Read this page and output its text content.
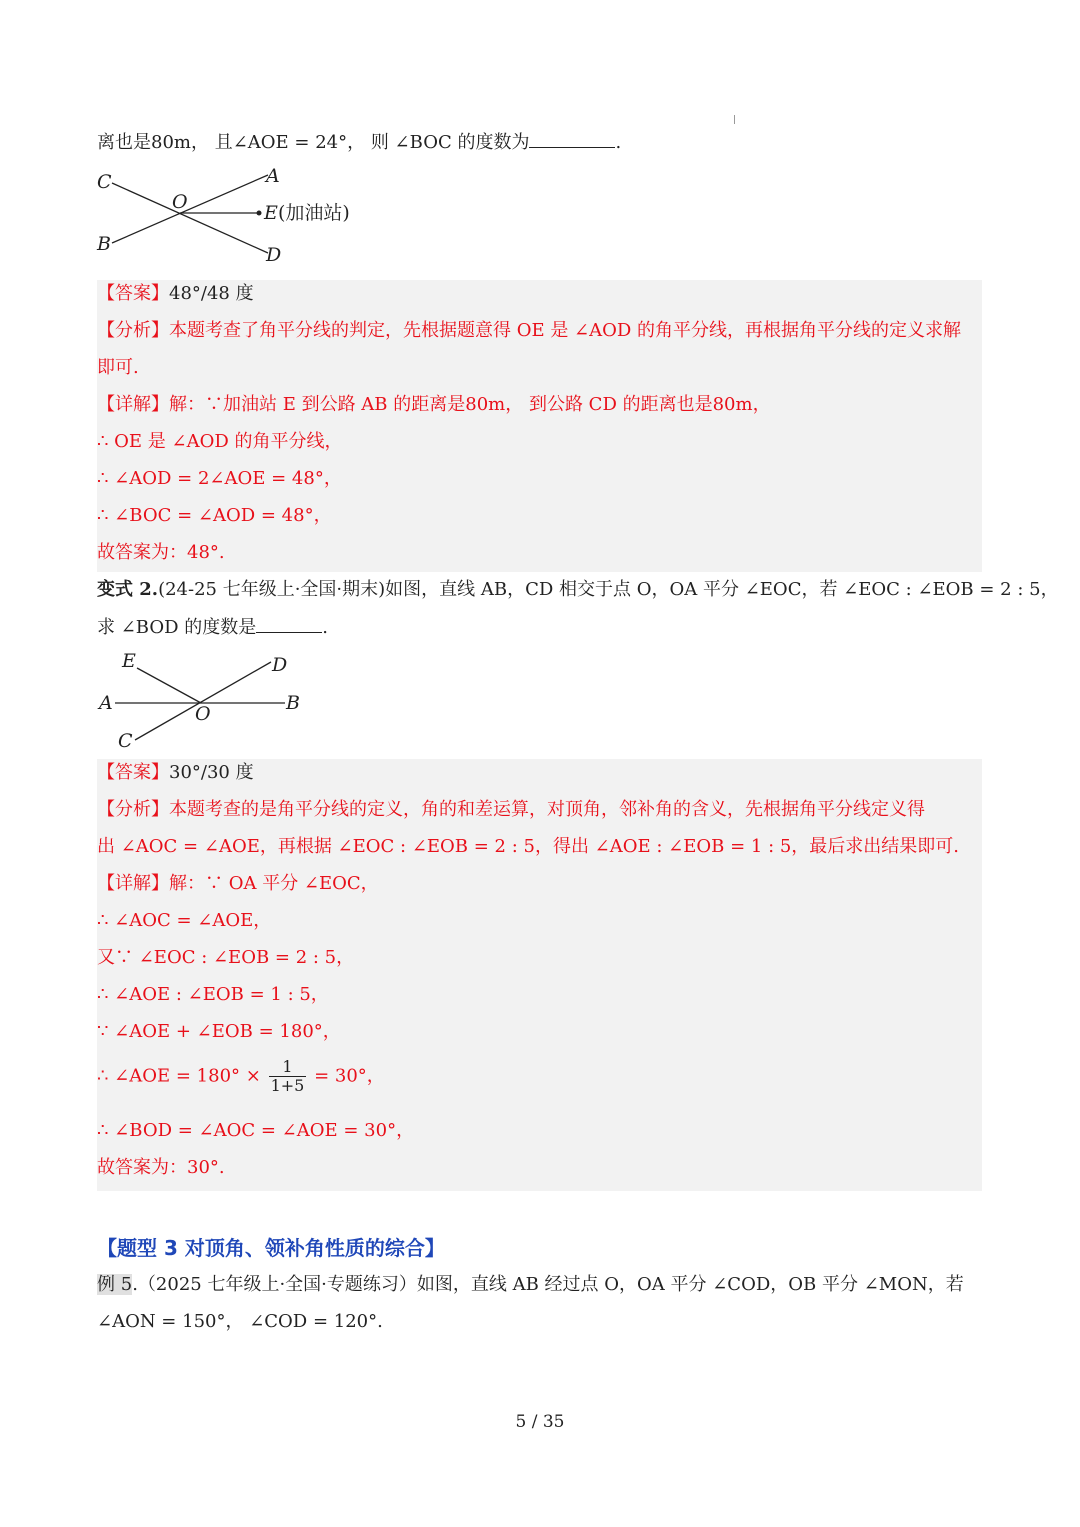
离也是80m， 且∠AOE = 24°， 则 ∠BOC 的度数为	.
C
O
A
E (加油站)
B	D
【答案】48°/48 度
【分析】本题考查了角平分线的判定，先根据题意得 OE 是 ∠AOD 的角平分线，再根据角平分线的定义求解
即可.
【详解】解：∵加油站 E 到公路 AB 的距离是80m， 到公路 CD 的距离也是80m，
∴ OE 是 ∠AOD 的角平分线，
∴ ∠AOD = 2∠AOE = 48°，
∴ ∠BOC = ∠AOD = 48°，
故答案为：48°.
变式 2.(24-25 七年级上·全国·期末)如图，直线 AB，CD 相交于点 O，OA 平分 ∠EOC，若 ∠EOC : ∠EOB = 2 : 5，
求 ∠BOD 的度数是	.
E	D
A	O	B
C
【答案】30°/30 度
【分析】本题考查的是角平分线的定义，角的和差运算，对顶角，邻补角的含义，先根据角平分线定义得
出 ∠AOC = ∠AOE，再根据 ∠EOC : ∠EOB = 2 : 5，得出 ∠AOE : ∠EOB = 1 : 5，最后求出结果即可.
【详解】解：∵ OA 平分 ∠EOC，
∴ ∠AOC = ∠AOE，
又∵ ∠EOC : ∠EOB = 2 : 5，
∴ ∠AOE : ∠EOB = 1 : 5，
∵ ∠AOE + ∠EOB = 180°，
∴ ∠AOE = $180^\circ \times \frac{1}{1+5} = 30^\circ$，
∴ ∠BOD = ∠AOC = ∠AOE = 30°，
故答案为：30°.
【题型 3 对顶角、领补角性质的综合】
例 5.（2025 七年级上·全国·专题练习）如图，直线 AB 经过点 O，OA 平分 ∠COD，OB 平分 ∠MON，若
∠AON = 150°， ∠COD = 120°.
5 / 35
